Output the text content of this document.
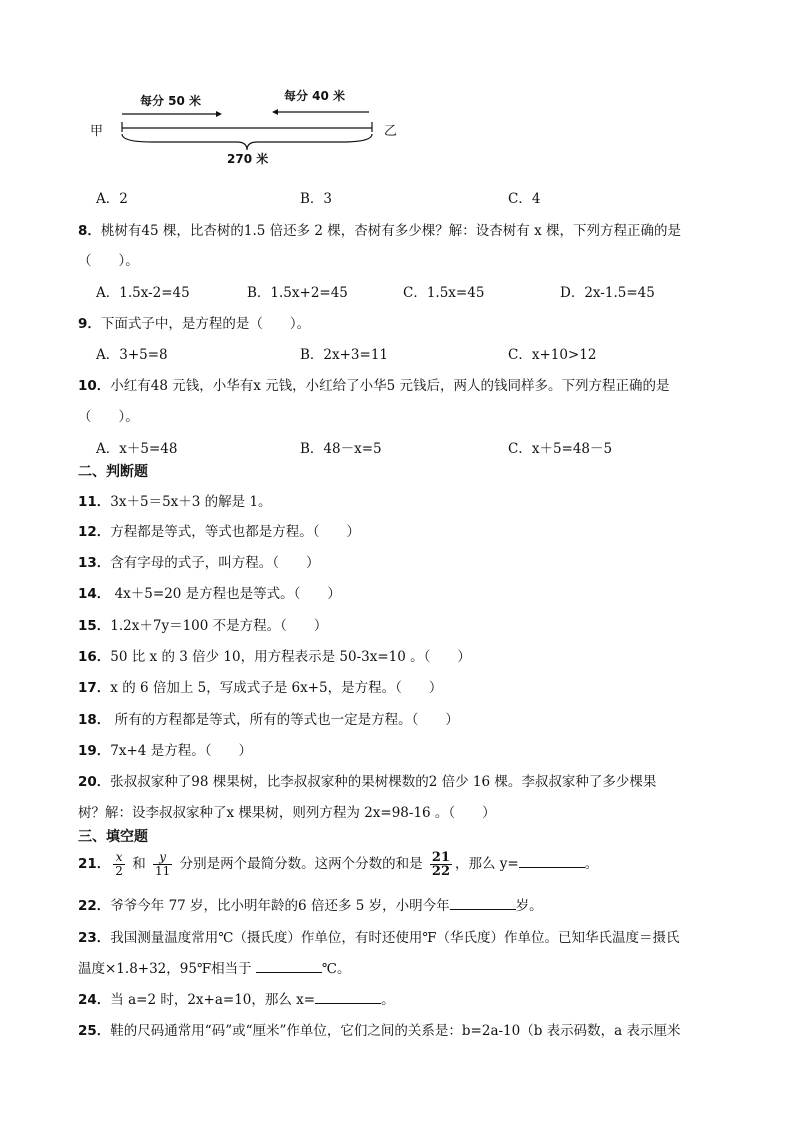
甲	乙
每分 50 米	每分 40 米
270 米
A．2	B．3	C．4
8．桃树有45 棵，比杏树的1.5 倍还多 2 棵，杏树有多少棵？解：设杏树有 x 棵，下列方程正确的是
（　　）。
A．1.5x-2=45	B．1.5x+2=45	C．1.5x=45	D．2x-1.5=45
9．下面式子中，是方程的是（　　）。
A．3+5=8	B．2x+3=11	C．x+10>12
10．小红有48 元钱，小华有x 元钱，小红给了小华5 元钱后，两人的钱同样多。下列方程正确的是
（　　）。
A．x＋5=48	B．48－x=5	C．x＋5=48－5
二、判断题
11．3x＋5＝5x＋3 的解是 1。
12．方程都是等式，等式也都是方程。（　　）
13．含有字母的式子，叫方程。（　　）
14． 4x＋5=20 是方程也是等式。（　　）
15．1.2x＋7y＝100 不是方程。（　　）
16．50 比 x 的 3 倍少 10，用方程表示是 50-3x=10 。（　　）
17．x 的 6 倍加上 5，写成式子是 6x+5，是方程。（　　）
18． 所有的方程都是等式，所有的等式也一定是方程。（　　）
19．7x+4 是方程。（　　）
20．张叔叔家种了98 棵果树，比李叔叔家种的果树棵数的2 倍少 16 棵。李叔叔家种了多少棵果
树？解：设李叔叔家种了x 棵果树，则列方程为 2x=98-16 。（　　）
三、填空题
21． $\frac{x}{2}$ 和 $\frac{y}{11}$ 分别是两个最简分数。这两个分数的和是 $\frac{21}{22}$ ，那么 y=	。
22．爷爷今年 77 岁，比小明年龄的6 倍还多 5 岁，小明今年	岁。
23．我国测量温度常用℃（摄氏度）作单位，有时还使用℉（华氏度）作单位。已知华氏温度＝摄氏
温度×1.8+32，95℉相当于	℃。
24．当 a=2 时，2x+a=10，那么 x=	。
25．鞋的尺码通常用“码”或“厘米”作单位，它们之间的关系是：b=2a-10（b 表示码数，a 表示厘米
